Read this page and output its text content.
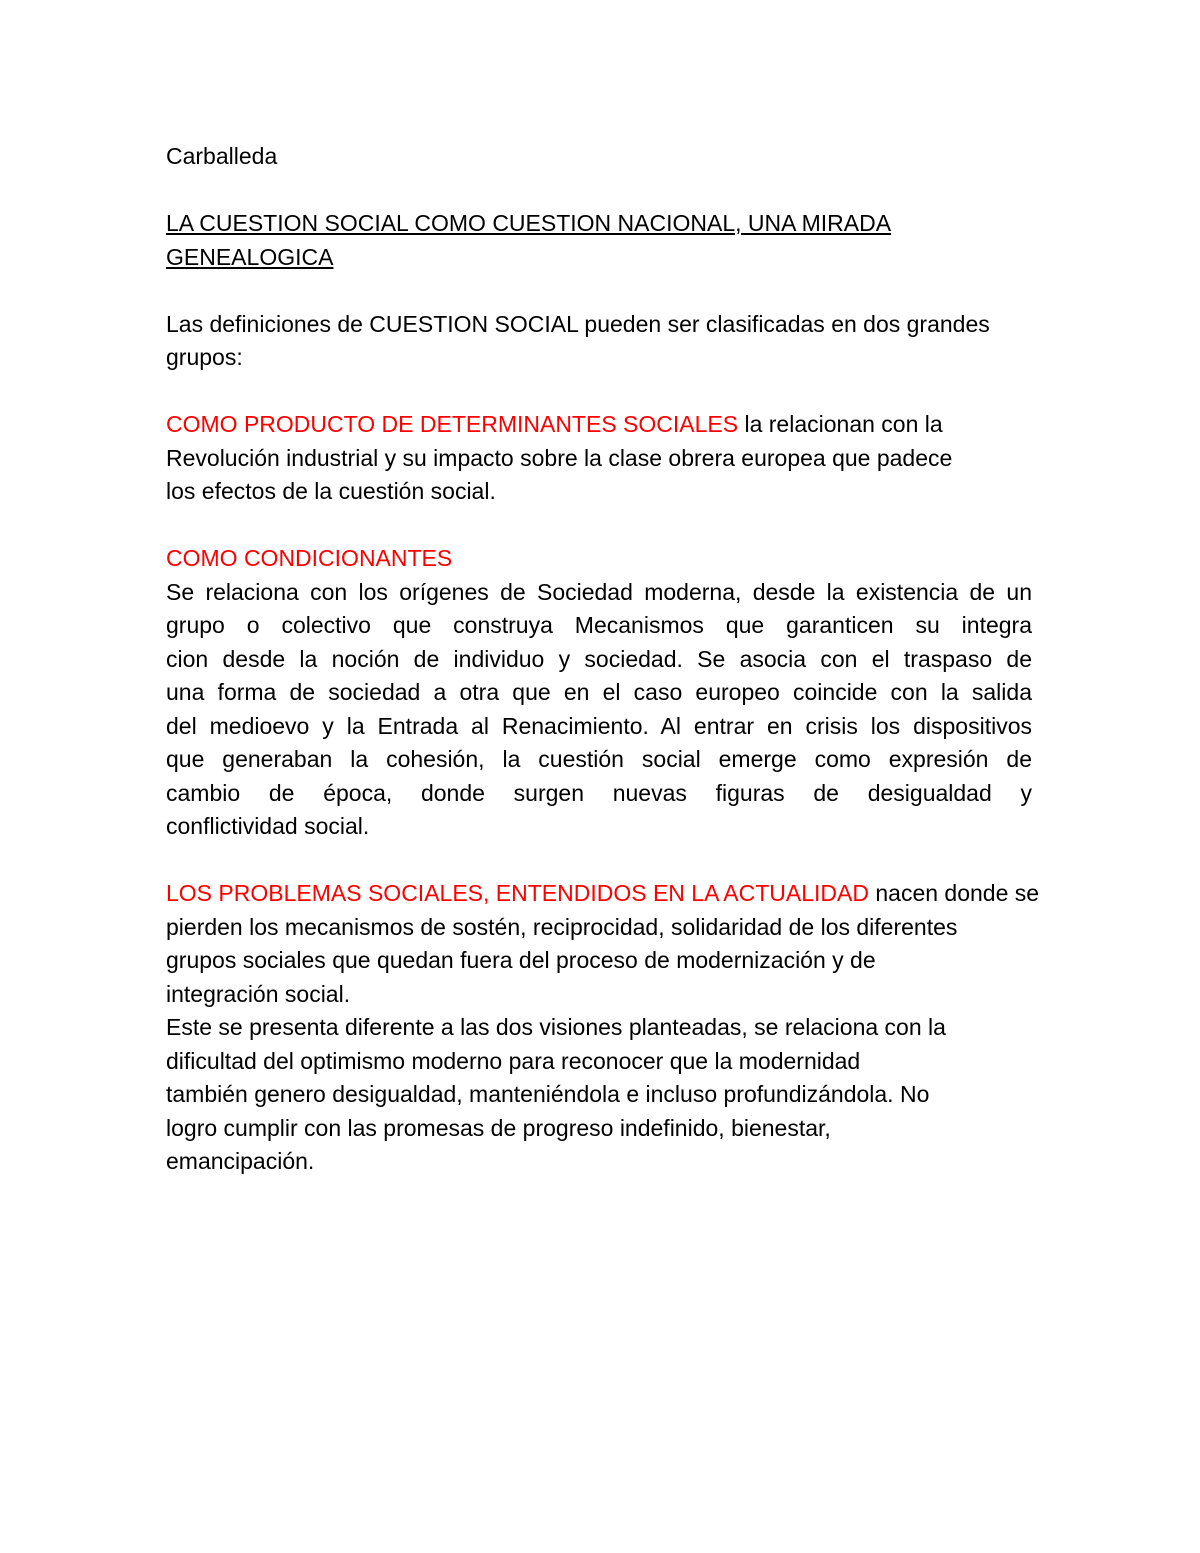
Carballeda
LA CUESTION SOCIAL COMO CUESTION NACIONAL, UNA MIRADA
GENEALOGICA
Las definiciones de CUESTION SOCIAL pueden ser clasificadas en dos grandes
grupos:
COMO PRODUCTO DE DETERMINANTES SOCIALES la relacionan con la
Revolución industrial y su impacto sobre la clase obrera europea que padece
los efectos de la cuestión social.
COMO CONDICIONANTES
Se relaciona con los orígenes de Sociedad moderna, desde la existencia de un
grupo o colectivo que construya Mecanismos que garanticen su integra
cion desde la noción de individuo y sociedad. Se asocia con el traspaso de
una forma de sociedad a otra que en el caso europeo coincide con la salida
del medioevo y la Entrada al Renacimiento. Al entrar en crisis los dispositivos
que generaban la cohesión, la cuestión social emerge como expresión de
cambio de época, donde surgen nuevas figuras de desigualdad y
conflictividad social.
LOS PROBLEMAS SOCIALES, ENTENDIDOS EN LA ACTUALIDAD nacen donde se
pierden los mecanismos de sostén, reciprocidad, solidaridad de los diferentes
grupos sociales que quedan fuera del proceso de modernización y de
integración social.
Este se presenta diferente a las dos visiones planteadas, se relaciona con la
dificultad del optimismo moderno para reconocer que la modernidad
también genero desigualdad, manteniéndola e incluso profundizándola. No
logro cumplir con las promesas de progreso indefinido, bienestar,
emancipación.
